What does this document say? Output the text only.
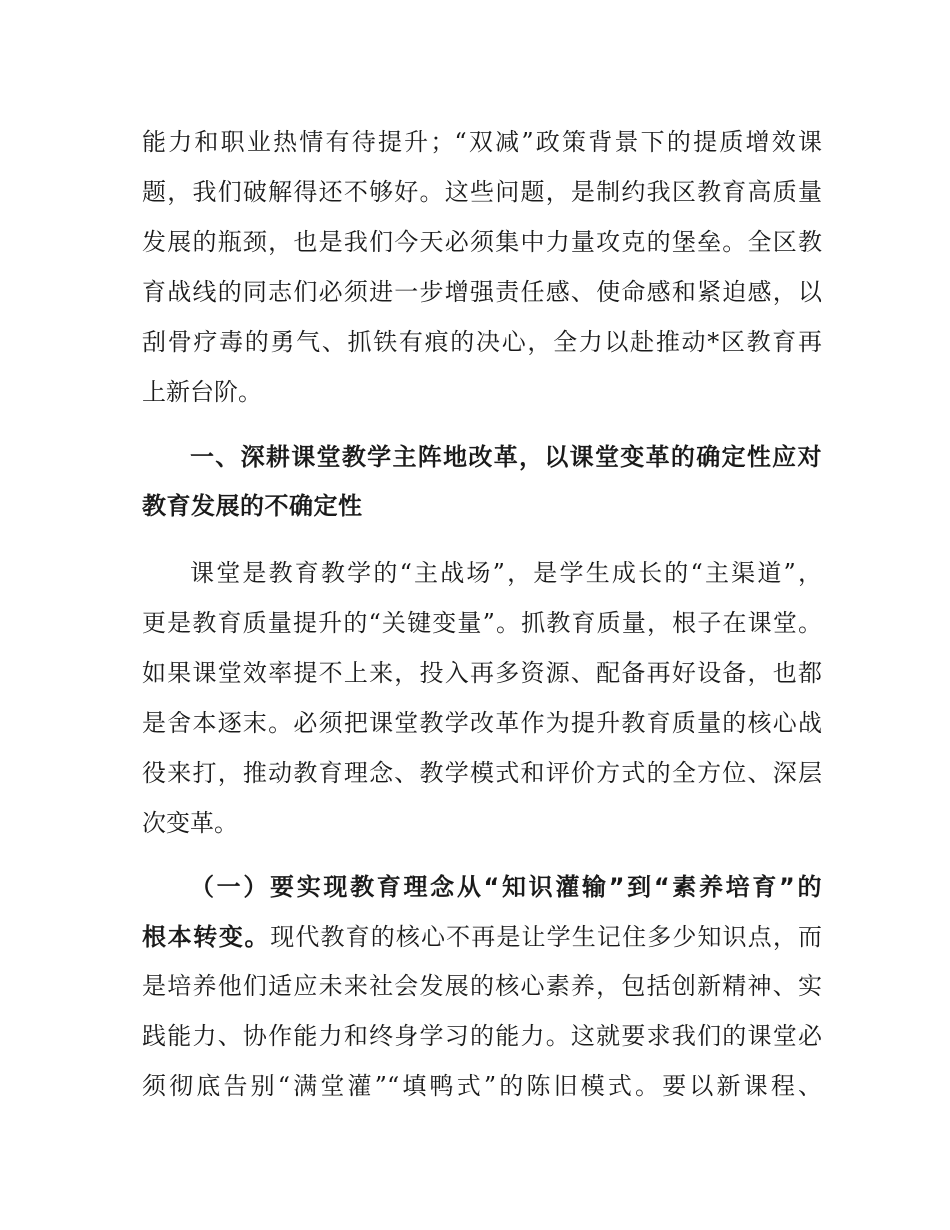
能力和职业热情有待提升；“双减”政策背景下的提质增效课
题，我们破解得还不够好。这些问题，是制约我区教育高质量
发展的瓶颈，也是我们今天必须集中力量攻克的堡垒。全区教
育战线的同志们必须进一步增强责任感、使命感和紧迫感，以
刮骨疗毒的勇气、抓铁有痕的决心，全力以赴推动*区教育再
上新台阶。
一、深耕课堂教学主阵地改革，以课堂变革的确定性应对
教育发展的不确定性
课堂是教育教学的“主战场”，是学生成长的“主渠道”，
更是教育质量提升的“关键变量”。抓教育质量，根子在课堂。
如果课堂效率提不上来，投入再多资源、配备再好设备，也都
是舍本逐末。必须把课堂教学改革作为提升教育质量的核心战
役来打，推动教育理念、教学模式和评价方式的全方位、深层
次变革。
（一）要实现教育理念从“知识灌输”到“素养培育”的
根本转变。现代教育的核心不再是让学生记住多少知识点，而
是培养他们适应未来社会发展的核心素养，包括创新精神、实
践能力、协作能力和终身学习的能力。这就要求我们的课堂必
须彻底告别“满堂灌”“填鸭式”的陈旧模式。要以新课程、
